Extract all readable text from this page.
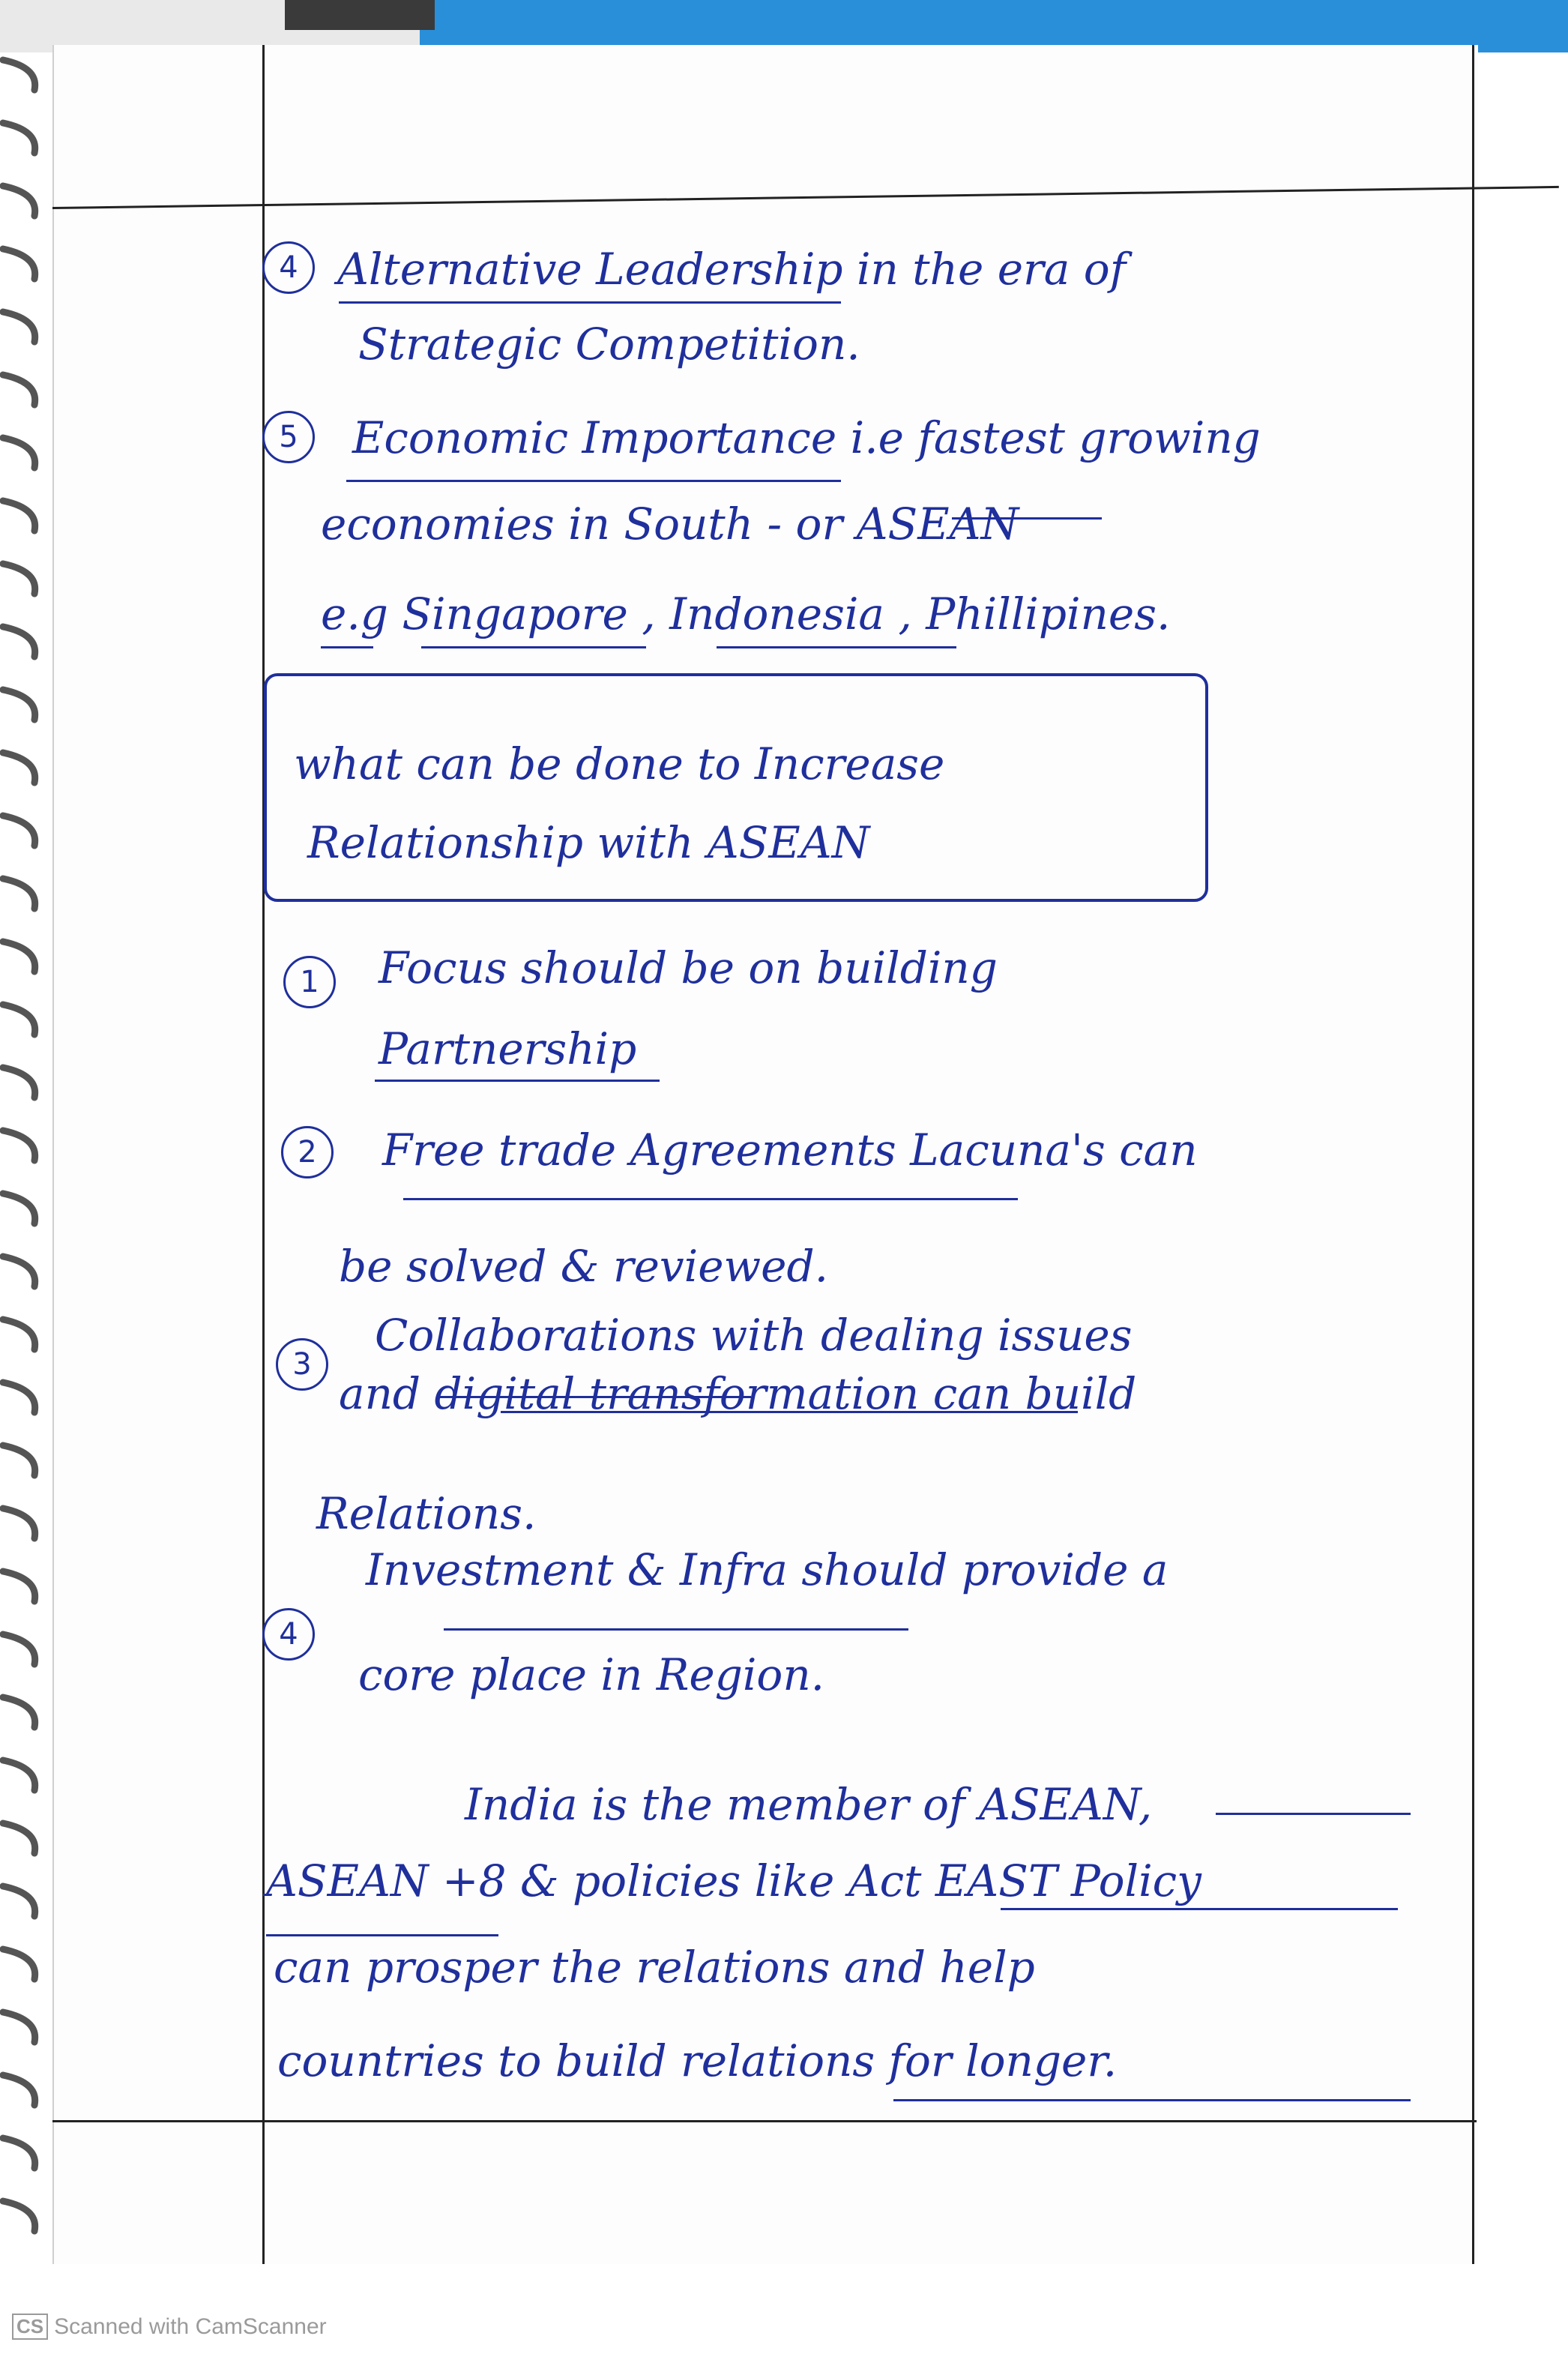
4 Alternative Leadership in the era of
Strategic Competition.
5	Economic Importance i.e fastest growing
economies in South - or ASEAN
e.g Singapore , Indonesia , Phillipines.
what can be done to Increase
Relationship with ASEAN
1	Focus should be on building
Partnership
2	Free trade Agreements Lacuna's can
be solved & reviewed.
3
Collaborations with dealing issues
and digital transformation can build
Relations.
4
Investment & Infra should provide a
core place in Region.
India is the member of ASEAN,
ASEAN +8 & policies like Act EAST Policy
can prosper the relations and help
countries to build relations for longer.
CS Scanned with CamScanner
